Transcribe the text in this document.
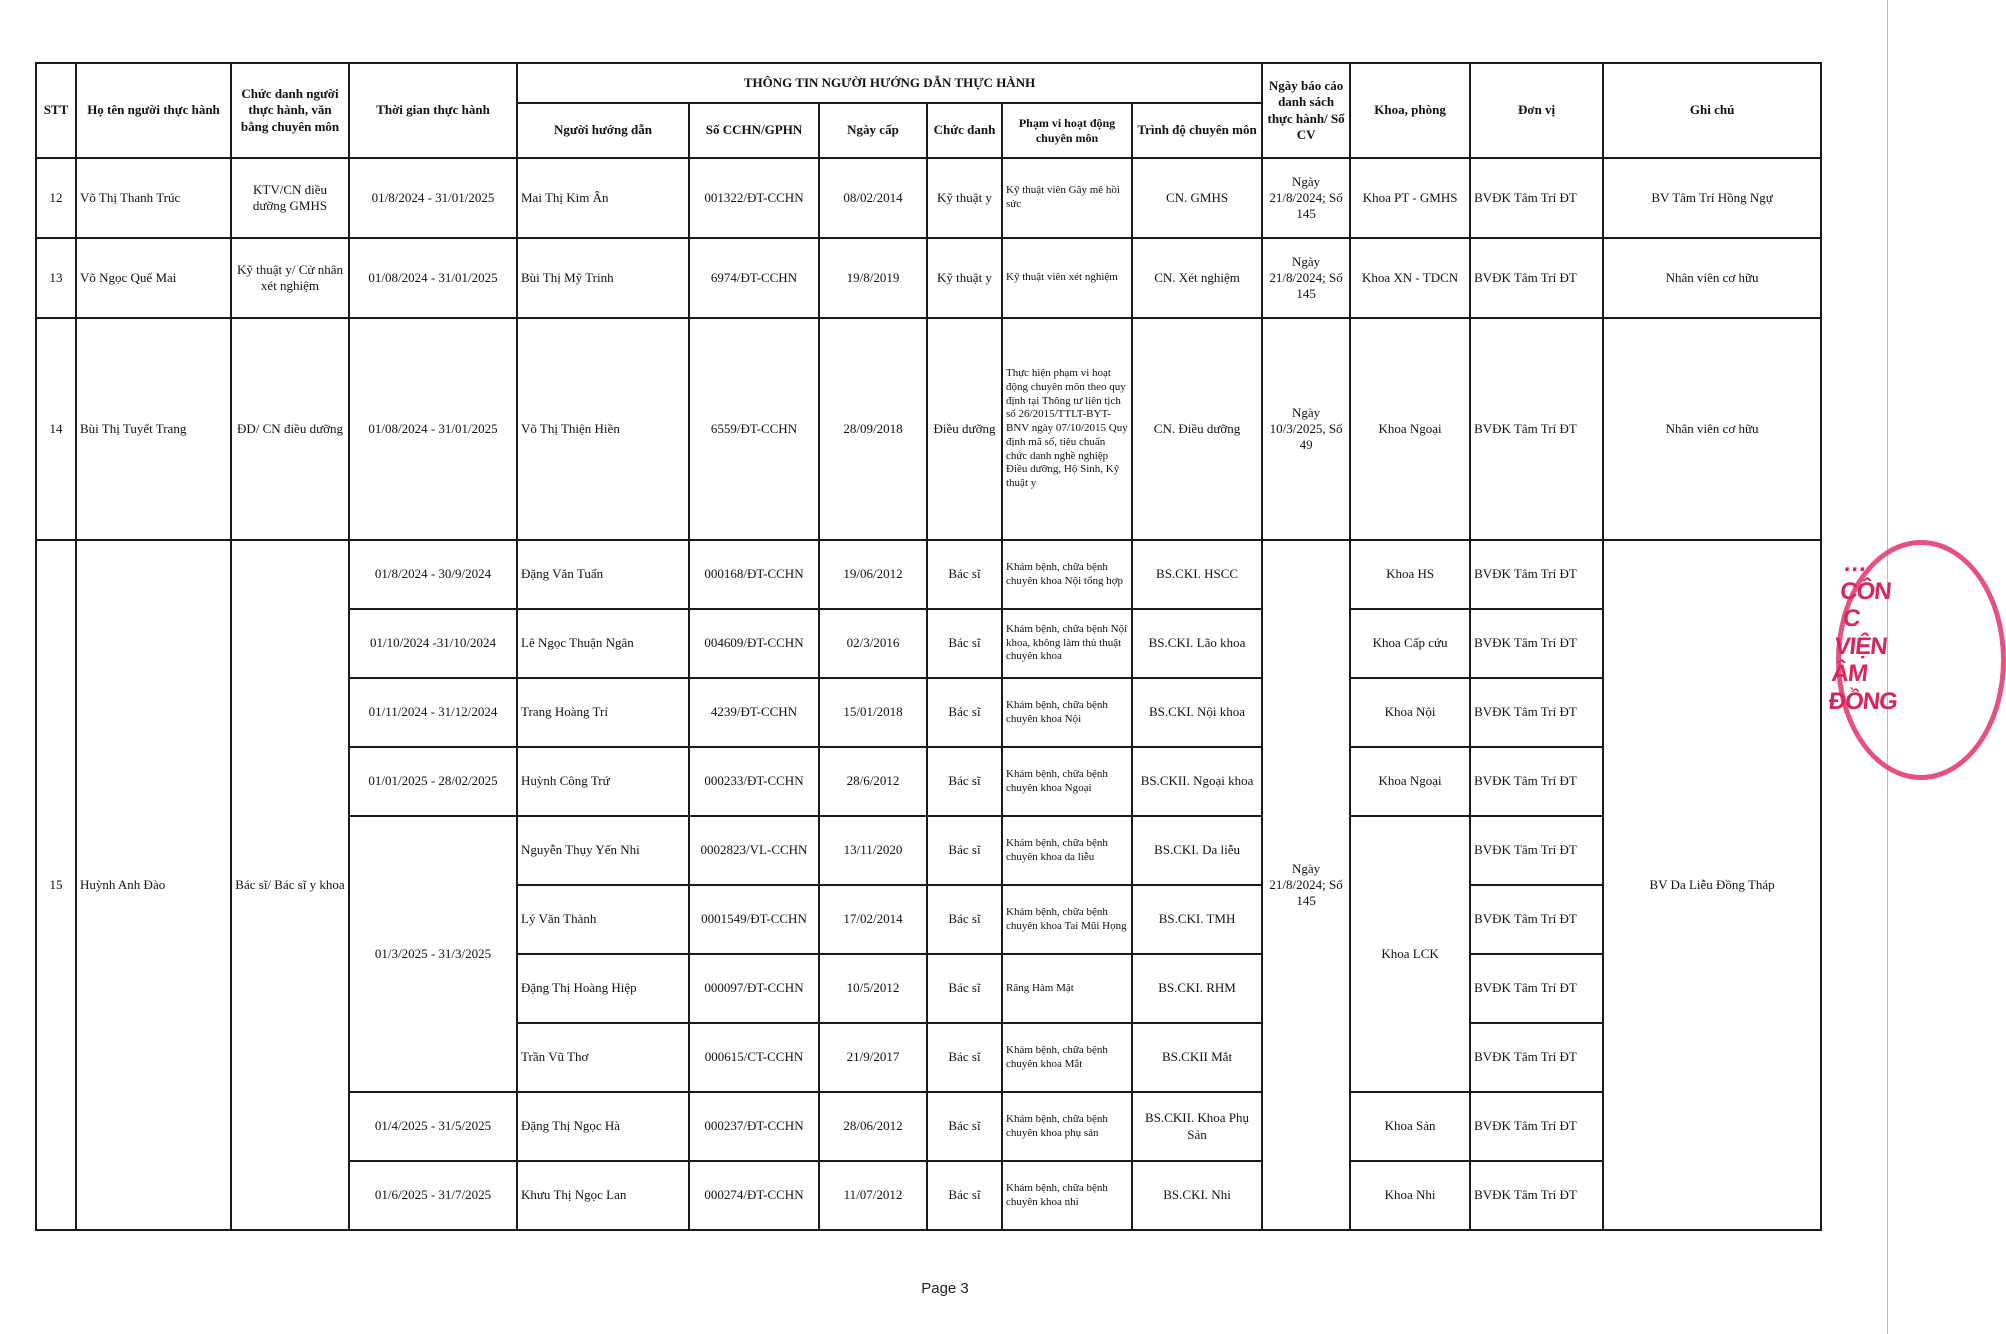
STT	Họ tên người thực hành	Chức danh người thực hành, văn bằng chuyên môn	Thời gian thực hành	THÔNG TIN NGƯỜI HƯỚNG DẪN THỰC HÀNH						Ngày báo cáo danh sách thực hành/ Số CV	Khoa, phòng	Đơn vị	Ghi chú
				Người hướng dẫn	Số CCHN/GPHN	Ngày cấp	Chức danh	Phạm vi hoạt động chuyên môn	Trình độ chuyên môn				
12	Võ Thị Thanh Trúc	KTV/CN điều dưỡng GMHS	01/8/2024 - 31/01/2025	Mai Thị Kim Ân	001322/ĐT-CCHN	08/02/2014	Kỹ thuật y	Kỹ thuật viên Gây mê hồi sức	CN. GMHS	Ngày 21/8/2024; Số 145	Khoa PT - GMHS	BVĐK Tâm Trí ĐT	BV Tâm Trí Hồng Ngự
13	Võ Ngọc Quế Mai	Kỹ thuật y/ Cử nhân xét nghiệm	01/08/2024 - 31/01/2025	Bùi Thị Mỹ Trinh	6974/ĐT-CCHN	19/8/2019	Kỹ thuật y	Kỹ thuật viên xét nghiệm	CN. Xét nghiệm	Ngày 21/8/2024; Số 145	Khoa XN - TDCN	BVĐK Tâm Trí ĐT	Nhân viên cơ hữu
14	Bùi Thị Tuyết Trang	ĐD/ CN điều dưỡng	01/08/2024 - 31/01/2025	Võ Thị Thiện Hiền	6559/ĐT-CCHN	28/09/2018	Điều dưỡng	Thực hiện phạm vi hoạt động chuyên môn theo quy định tại Thông tư liên tịch số 26/2015/TTLT-BYT-BNV ngày 07/10/2015 Quy định mã số, tiêu chuẩn chức danh nghề nghiệp Điều dưỡng, Hộ Sinh, Kỹ thuật y	CN. Điều dưỡng	Ngày 10/3/2025, Số 49	Khoa Ngoại	BVĐK Tâm Trí ĐT	Nhân viên cơ hữu
15	Huỳnh Anh Đào	Bác sĩ/ Bác sĩ y khoa	01/8/2024 - 30/9/2024	Đặng Văn Tuấn	000168/ĐT-CCHN	19/06/2012	Bác sĩ	Khám bệnh, chữa bệnh chuyên khoa Nội tổng hợp	BS.CKI. HSCC	Ngày 21/8/2024; Số 145	Khoa HS	BVĐK Tâm Trí ĐT	BV Da Liễu Đồng Tháp
			01/10/2024 -31/10/2024	Lê Ngọc Thuận Ngân	004609/ĐT-CCHN	02/3/2016	Bác sĩ	Khám bệnh, chữa bệnh Nội khoa, không làm thủ thuật chuyên khoa	BS.CKI. Lão khoa		Khoa Cấp cứu	BVĐK Tâm Trí ĐT	
			01/11/2024 - 31/12/2024	Trang Hoàng Trí	4239/ĐT-CCHN	15/01/2018	Bác sĩ	Khám bệnh, chữa bệnh chuyên khoa Nội	BS.CKI. Nội khoa		Khoa Nội	BVĐK Tâm Trí ĐT	
			01/01/2025 - 28/02/2025	Huỳnh Công Trứ	000233/ĐT-CCHN	28/6/2012	Bác sĩ	Khám bệnh, chữa bệnh chuyên khoa Ngoại	BS.CKII. Ngoại khoa		Khoa Ngoại	BVĐK Tâm Trí ĐT	
			01/3/2025 - 31/3/2025	Nguyễn Thụy Yến Nhi	0002823/VL-CCHN	13/11/2020	Bác sĩ	Khám bệnh, chữa bệnh chuyên khoa da liễu	BS.CKI. Da liễu		Khoa LCK	BVĐK Tâm Trí ĐT	
				Lý Văn Thành	0001549/ĐT-CCHN	17/02/2014	Bác sĩ	Khám bệnh, chữa bệnh chuyên khoa Tai Mũi Họng	BS.CKI. TMH			BVĐK Tâm Trí ĐT	
				Đặng Thị Hoàng Hiệp	000097/ĐT-CCHN	10/5/2012	Bác sĩ	Răng Hàm Mặt	BS.CKI. RHM			BVĐK Tâm Trí ĐT	
				Trần Vũ Thơ	000615/CT-CCHN	21/9/2017	Bác sĩ	Khám bệnh, chữa bệnh chuyên khoa Mắt	BS.CKII Mắt			BVĐK Tâm Trí ĐT	
			01/4/2025 - 31/5/2025	Đặng Thị Ngọc Hà	000237/ĐT-CCHN	28/06/2012	Bác sĩ	Khám bệnh, chữa bệnh chuyên khoa phụ sản	BS.CKII. Khoa Phụ Sản		Khoa Sản	BVĐK Tâm Trí ĐT	
			01/6/2025 - 31/7/2025	Khưu Thị Ngọc Lan	000274/ĐT-CCHN	11/07/2012	Bác sĩ	Khám bệnh, chữa bệnh chuyên khoa nhi	BS.CKI. Nhi		Khoa Nhi	BVĐK Tâm Trí ĐT	
…
CÔN
C
VIỆN
ÂM
ĐỒNG
Page 3
